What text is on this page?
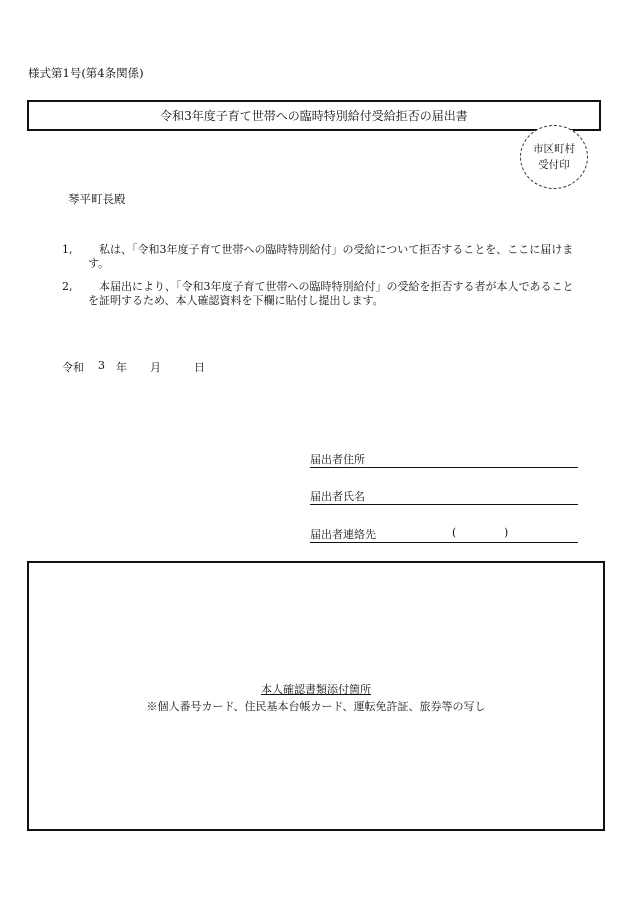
様式第1号(第4条関係)
令和3年度子育て世帯への臨時特別給付受給拒否の届出書
市区町村
受付印
琴平町長殿
1,	　私は、「令和3年度子育て世帯への臨時特別給付」の受給について拒否することを、ここに届けます。
2,	　本届出により、「令和3年度子育て世帯への臨時特別給付」の受給を拒否する者が本人であることを証明するため、本人確認資料を下欄に貼付し提出します。
令和	3	年	月	日
届出者住所
届出者氏名
届出者連絡先	(	)
本人確認書類添付箇所
※個人番号カード、住民基本台帳カード、運転免許証、旅券等の写し
